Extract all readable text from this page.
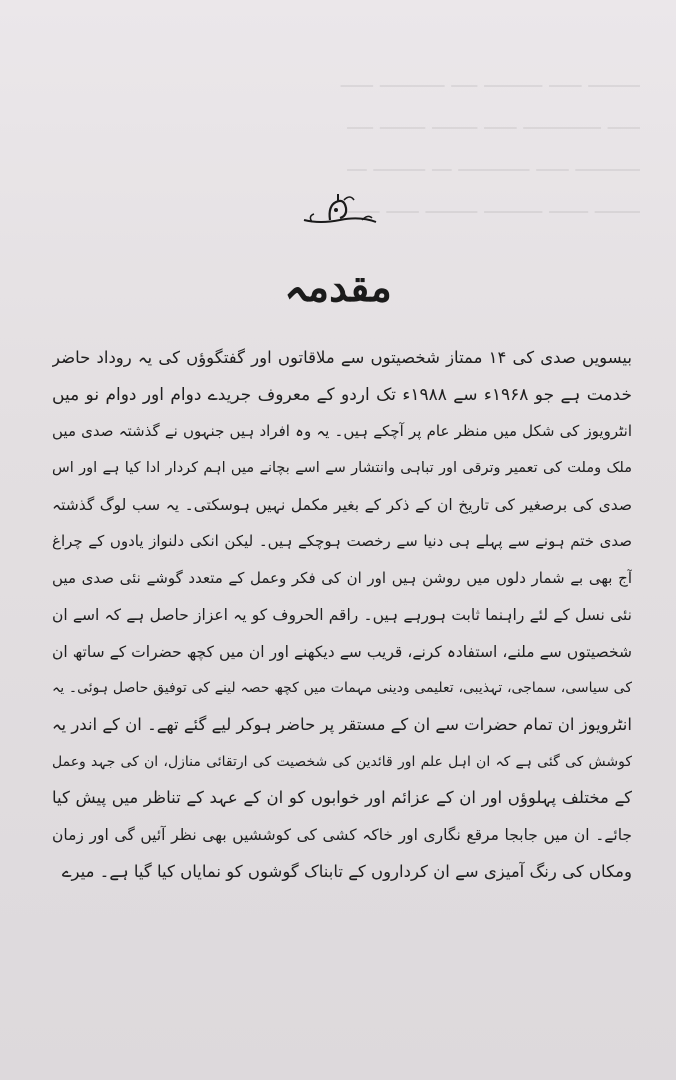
ــــــــ ـــــ ـــــــــ ــــ ــــــــــ ـــــ
ـــــ ــــــــــــ ـــــ ـــــــ ـــــــ ــــ
ــــــــــ ـــــ ـــــــــــ ـــ ــــــــ ـــ
ـــــــ ــــــ ـــــــــ ــــــــ ـــــ ـــــ
مقدمہ
بیسویں صدی کی ۱۴ ممتاز شخصیتوں سے ملاقاتوں اور گفتگوؤں کی یہ روداد حاضر
خدمت ہے جو ۱۹۶۸ء سے ۱۹۸۸ء تک اردو کے معروف جریدے دوام اور دوام نو میں
انٹرویوز کی شکل میں منظر عام پر آچکے ہیں۔ یہ وہ افراد ہیں جنہوں نے گذشتہ صدی میں
ملک وملت کی تعمیر وترقی اور تباہی وانتشار سے اسے بچانے میں اہم کردار ادا کیا ہے اور اس
صدی کی برصغیر کی تاریخ ان کے ذکر کے بغیر مکمل نہیں ہوسکتی۔ یہ سب لوگ گذشتہ
صدی ختم ہونے سے پہلے ہی دنیا سے رخصت ہوچکے ہیں۔ لیکن انکی دلنواز یادوں کے چراغ
آج بھی بے شمار دلوں میں روشن ہیں اور ان کی فکر وعمل کے متعدد گوشے نئی صدی میں
نئی نسل کے لئے راہنما ثابت ہورہے ہیں۔ راقم الحروف کو یہ اعزاز حاصل ہے کہ اسے ان
شخصیتوں سے ملنے، استفادہ کرنے، قریب سے دیکھنے اور ان میں کچھ حضرات کے ساتھ ان
کی سیاسی، سماجی، تہذیبی، تعلیمی ودینی مہمات میں کچھ حصہ لینے کی توفیق حاصل ہوئی۔ یہ
انٹرویوز ان تمام حضرات سے ان کے مستقر پر حاضر ہوکر لیے گئے تھے۔ ان کے اندر یہ
کوشش کی گئی ہے کہ ان اہل علم اور قائدین کی شخصیت کی ارتقائی منازل، ان کی جہد وعمل
کے مختلف پہلوؤں اور ان کے عزائم اور خوابوں کو ان کے عہد کے تناظر میں پیش کیا
جائے۔ ان میں جابجا مرقع نگاری اور خاکہ کشی کی کوششیں بھی نظر آئیں گی اور زمان
ومکاں کی رنگ آمیزی سے ان کرداروں کے تابناک گوشوں کو نمایاں کیا گیا ہے۔ میرے
